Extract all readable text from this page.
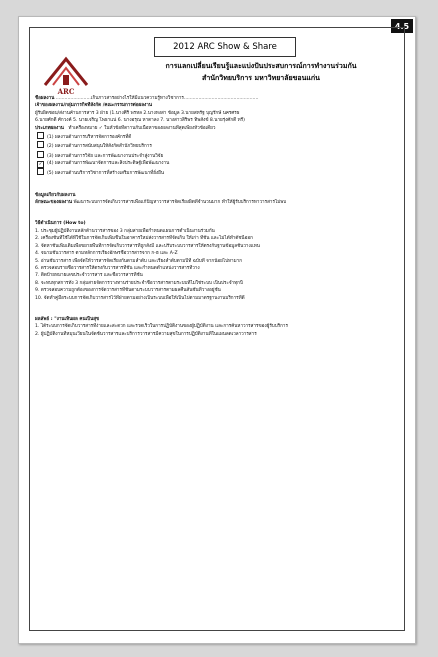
4.5
2012 ARC Show & Share
ARC
การแลกเปลี่ยนเรียนรู้และแบ่งปันประสบการณ์การทำงานร่วมกัน
สำนักวิทยบริการ มหาวิทยาลัยขอนแก่น
ชื่อผลงาน ........................เก็บภาวสารอย่างไรให้มีแนวความรู้ทางวิชาการ...................................................
เจ้าของผลงาน/กลุ่มภารกิจที่สังกัด /คณะกรรมการต่อผลงาน
ผู้รับผิดชอบ/ส่งานค้านการสาร 3 ฝ่าย (1.นางศิริ พรหล 2.นางหงสา ข้อมูล 3.นายสหรัฐ บุญรักษ์ นครศรธ
6.นายศักดิ์ ศักวงค์ 5. นายเจริญ โพธาแน่ 6. นางอรุณ หาดาลง 7. นางสาวสิริพร ทิพสังข์ 8.นายรุ่งศักดิ์ ทรี)
ประเภทผลงาน ทำเครื่องหมาย ✓ ในหัวข้อที่ดาานกับเนื้อหาของผลงานที่สุดเพียงหัวข้อเดียว
(1) ผลงานด้านการบริหารจัดการองค์กรที่ดี
(2) ผลงานด้านการสนับสนุนให้สังกัดสำนักวิทยบริการ
(3) ผลงานด้านการวิจัย และการพัฒนางานประจำสู่งานวิจัย
✓ (4) ผลงานด้านการพัฒนาจัดการและสิ่งประดิษฐ์เพื่อพัฒนางาน
(5) ผลงานด้านบริการวิชาการที่สร้างเสริมการพัฒนาที่ยั่งยืน
ข้อมูลเกี่ยวกับผลงาน
ลักษณะของผลงาน พัฒนาระบบการจัดเก็บวารสารเพื่อแก้ปัญหาวารสารจัดเรียงผิดที่จำนวนมาก ทำให้ผู้รับบริการหาวารสารไม่พบ
วิธีดำเนินการ (How to)
1. ประชุมผู้ปฏิบัติงานหลักด้านวารสารของ 3 กลุ่มสายเพื่อกำหนดแผนการดำเนินงานร่วมกัน
2. เครื่องชั้นที่ใช้ได้ที่ใช้ในการจัดเก็บเพิ่มขึ้นในอาคารใหม่ส่งวารสารที่จัดเก็บ ให้เก่า ที่ชั้น และไม่ได้ทำดัชนีออก
3. จัดหาชั้นเพิ่มเติมเพื่อขยายพื้นที่การจัดเก็บวารสารที่ถูกสั่งมี และปรับระบบวารสารให้ตรงกับฐานข้อมูลชั้นวางแทน
4. จนามชั้นวารสาร ตามหลักการเรียงอักษรชื่อวารสารจาก ก-ฮ และ A-Z
5. อ่านชั้นวารสาร เพื่อจัดให้วารสารจัดเรียงกันตามลำดับ และเรียงลำดับตามปีที่ ฉบับที่ จากน้อยไปหามาก
6. ตรวจสอบรายชื่อวารสารให้ตรงกับวารสารที่ชั้น และกำหนดตำแหน่งวารสารที่วาง
7. ติดป้ายหมายเลขประจำวารสาร และชื่อวารสารที่ชั้น
8. จะทบทุกสการทั้ง 3 กลุ่มสายจัดการวางทานร่ายประจำชื่อวารสารตามระบบที่ไม่ใช่ระบบ เป็นประจำทุกปี
9. ตรวจสอบความถูกต้องของการจัดวารสารที่ชั้นตามระบบวารสารตามผลคืนสันชั้นที่วางอยู่ชั้น
10. จัดทำคู่มือระบบการจัดเก็บวารสารไว้ที่ฝ่ายตามอย่างเป็นระบบเพื่อให้เป็นไปตามมาตรฐานงานบริการที่ดี
ผลลัพธ์ : "งานเห็นผล คนเป็นสุข
1. ได้ระบบการจัดเก็บวารสารที่ง่ายและสะดวก และรวดเร็วในการปฏิบัติงานของผู้ปฏิบัติงาน และการค้นหาวารสารของผู้รับบริการ
2. ผู้ปฏิบัติงานที่หมุนเวียนในจัดชั้นวารสารและบริการวารสารมีความสุขในการปฏิบัติงานที่ในแผนลดเวลาวารสาร
